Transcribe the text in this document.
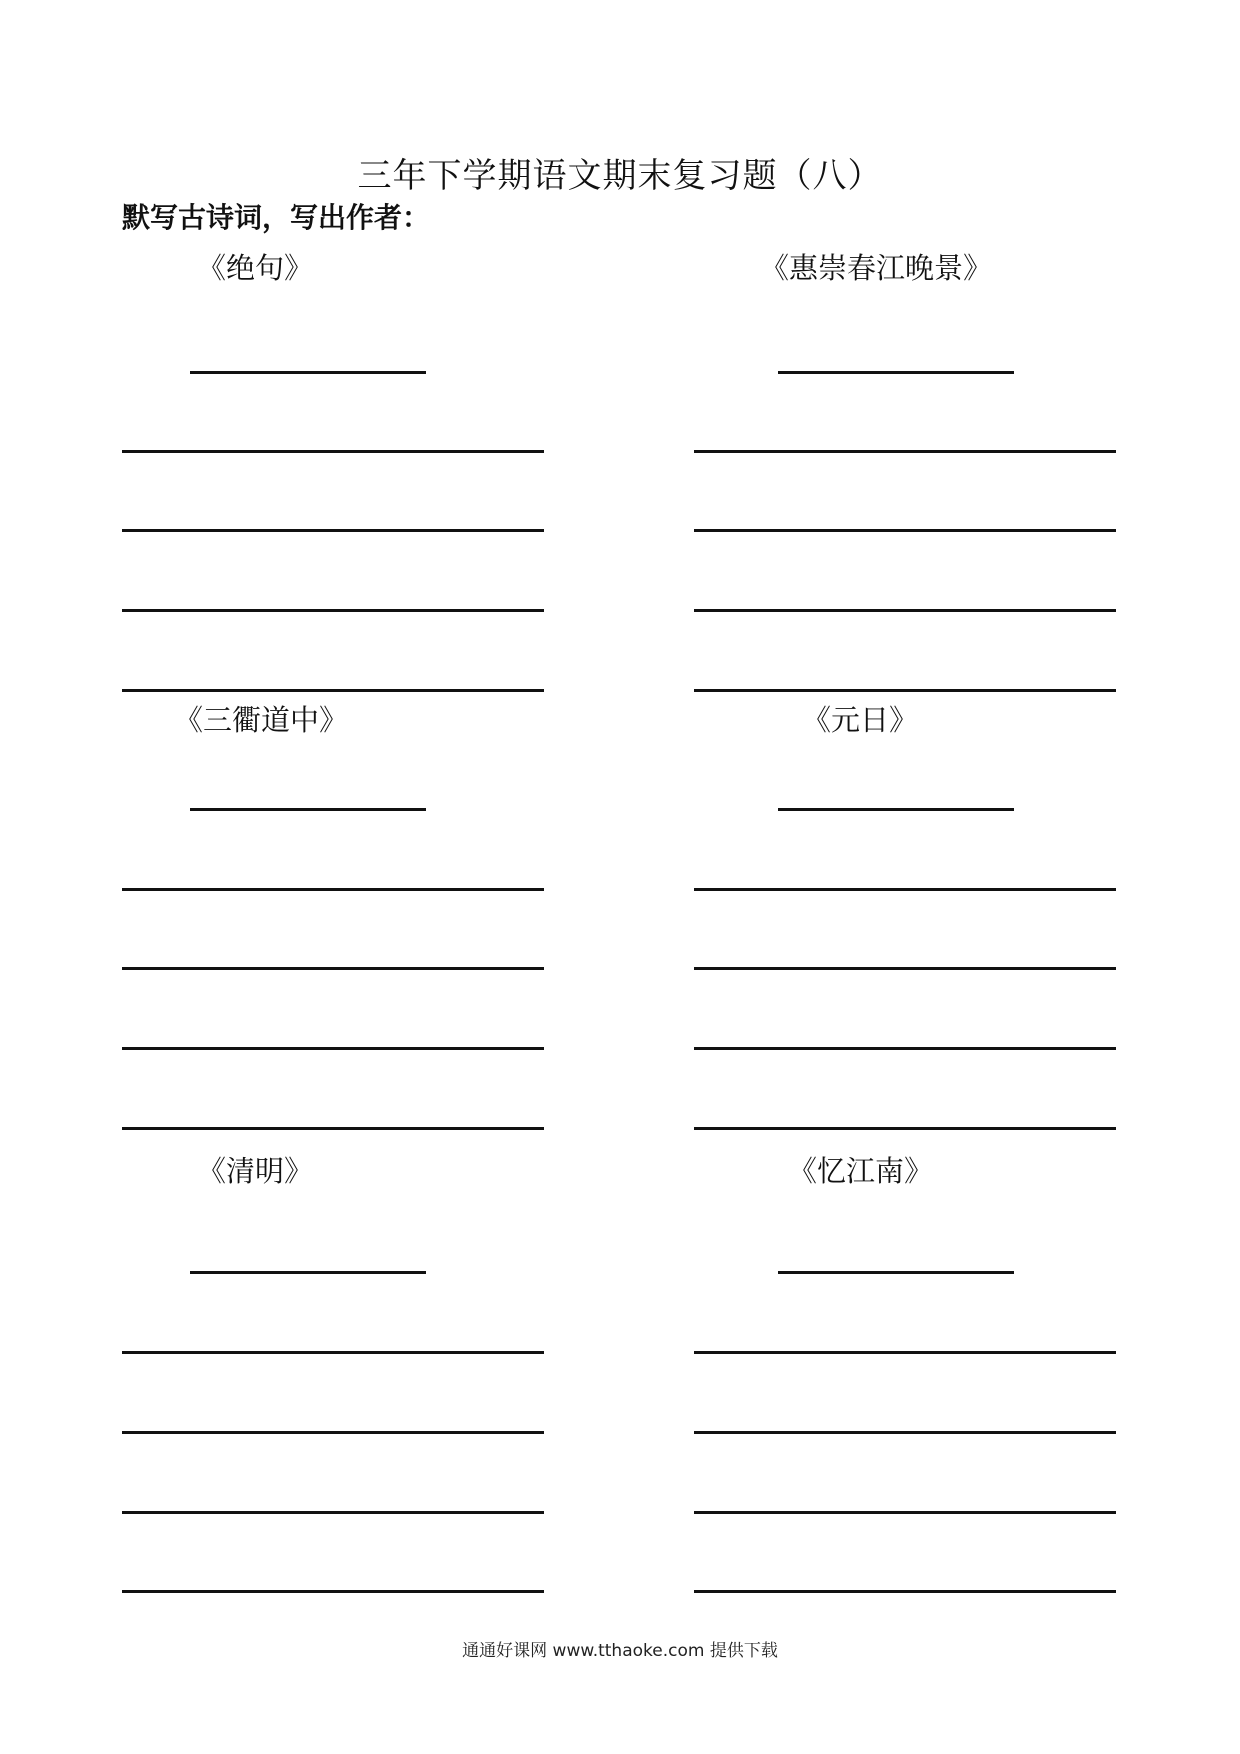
三年下学期语文期末复习题（八）
默写古诗词，写出作者：
《绝句》	《惠崇春江晚景》
《三衢道中》	《元日》
《清明》	《忆江南》
通通好课网 www.tthaoke.com 提供下载
